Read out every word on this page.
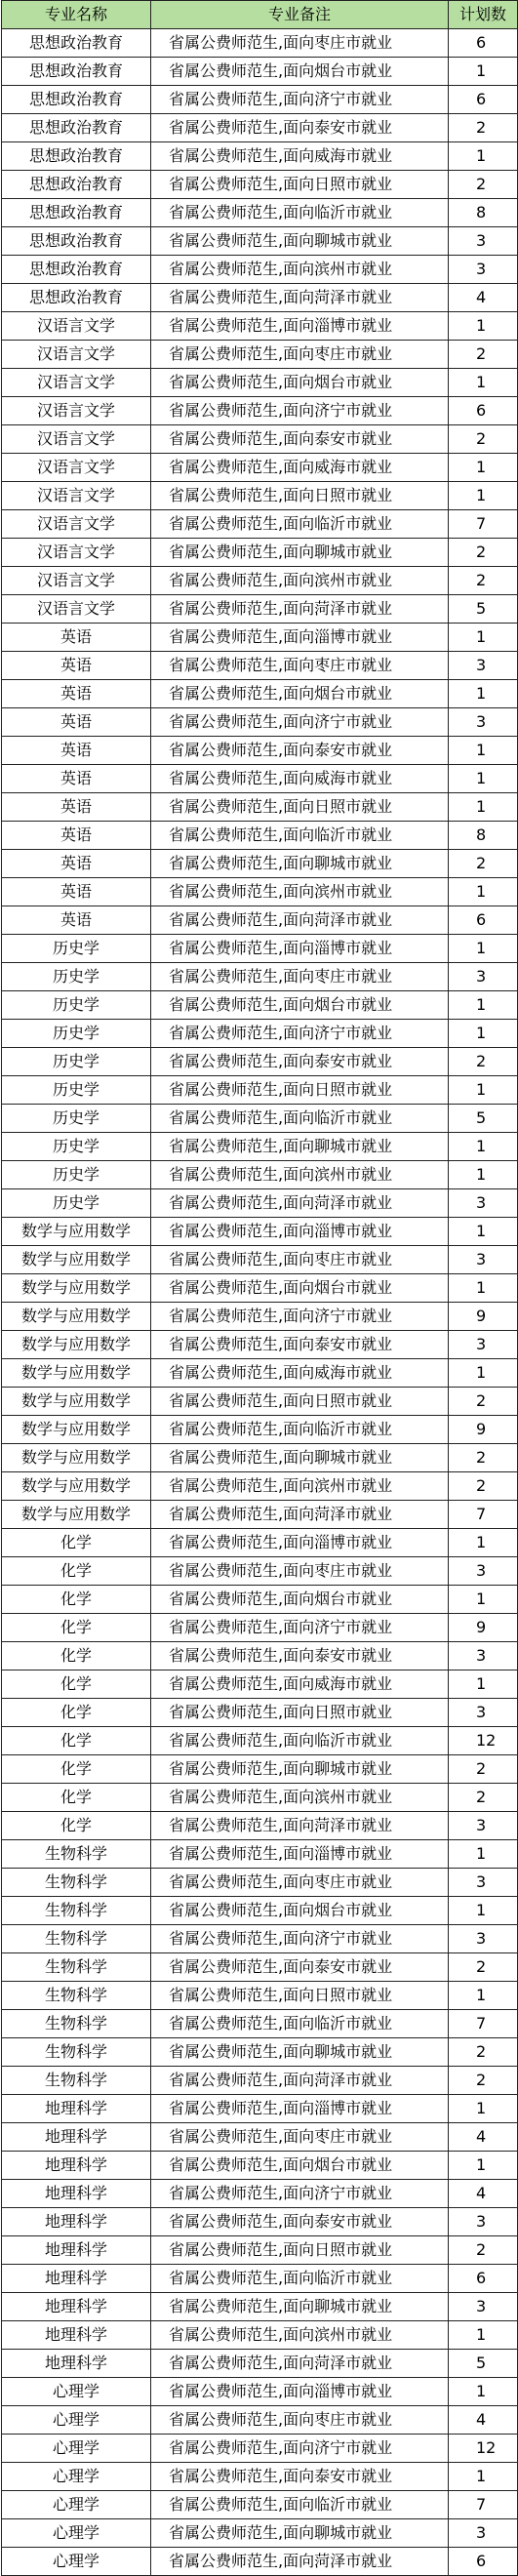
专业名称	专业备注	计划数
思想政治教育	省属公费师范生,面向枣庄市就业	6
思想政治教育	省属公费师范生,面向烟台市就业	1
思想政治教育	省属公费师范生,面向济宁市就业	6
思想政治教育	省属公费师范生,面向泰安市就业	2
思想政治教育	省属公费师范生,面向威海市就业	1
思想政治教育	省属公费师范生,面向日照市就业	2
思想政治教育	省属公费师范生,面向临沂市就业	8
思想政治教育	省属公费师范生,面向聊城市就业	3
思想政治教育	省属公费师范生,面向滨州市就业	3
思想政治教育	省属公费师范生,面向菏泽市就业	4
汉语言文学	省属公费师范生,面向淄博市就业	1
汉语言文学	省属公费师范生,面向枣庄市就业	2
汉语言文学	省属公费师范生,面向烟台市就业	1
汉语言文学	省属公费师范生,面向济宁市就业	6
汉语言文学	省属公费师范生,面向泰安市就业	2
汉语言文学	省属公费师范生,面向威海市就业	1
汉语言文学	省属公费师范生,面向日照市就业	1
汉语言文学	省属公费师范生,面向临沂市就业	7
汉语言文学	省属公费师范生,面向聊城市就业	2
汉语言文学	省属公费师范生,面向滨州市就业	2
汉语言文学	省属公费师范生,面向菏泽市就业	5
英语	省属公费师范生,面向淄博市就业	1
英语	省属公费师范生,面向枣庄市就业	3
英语	省属公费师范生,面向烟台市就业	1
英语	省属公费师范生,面向济宁市就业	3
英语	省属公费师范生,面向泰安市就业	1
英语	省属公费师范生,面向威海市就业	1
英语	省属公费师范生,面向日照市就业	1
英语	省属公费师范生,面向临沂市就业	8
英语	省属公费师范生,面向聊城市就业	2
英语	省属公费师范生,面向滨州市就业	1
英语	省属公费师范生,面向菏泽市就业	6
历史学	省属公费师范生,面向淄博市就业	1
历史学	省属公费师范生,面向枣庄市就业	3
历史学	省属公费师范生,面向烟台市就业	1
历史学	省属公费师范生,面向济宁市就业	1
历史学	省属公费师范生,面向泰安市就业	2
历史学	省属公费师范生,面向日照市就业	1
历史学	省属公费师范生,面向临沂市就业	5
历史学	省属公费师范生,面向聊城市就业	1
历史学	省属公费师范生,面向滨州市就业	1
历史学	省属公费师范生,面向菏泽市就业	3
数学与应用数学	省属公费师范生,面向淄博市就业	1
数学与应用数学	省属公费师范生,面向枣庄市就业	3
数学与应用数学	省属公费师范生,面向烟台市就业	1
数学与应用数学	省属公费师范生,面向济宁市就业	9
数学与应用数学	省属公费师范生,面向泰安市就业	3
数学与应用数学	省属公费师范生,面向威海市就业	1
数学与应用数学	省属公费师范生,面向日照市就业	2
数学与应用数学	省属公费师范生,面向临沂市就业	9
数学与应用数学	省属公费师范生,面向聊城市就业	2
数学与应用数学	省属公费师范生,面向滨州市就业	2
数学与应用数学	省属公费师范生,面向菏泽市就业	7
化学	省属公费师范生,面向淄博市就业	1
化学	省属公费师范生,面向枣庄市就业	3
化学	省属公费师范生,面向烟台市就业	1
化学	省属公费师范生,面向济宁市就业	9
化学	省属公费师范生,面向泰安市就业	3
化学	省属公费师范生,面向威海市就业	1
化学	省属公费师范生,面向日照市就业	3
化学	省属公费师范生,面向临沂市就业	12
化学	省属公费师范生,面向聊城市就业	2
化学	省属公费师范生,面向滨州市就业	2
化学	省属公费师范生,面向菏泽市就业	3
生物科学	省属公费师范生,面向淄博市就业	1
生物科学	省属公费师范生,面向枣庄市就业	3
生物科学	省属公费师范生,面向烟台市就业	1
生物科学	省属公费师范生,面向济宁市就业	3
生物科学	省属公费师范生,面向泰安市就业	2
生物科学	省属公费师范生,面向日照市就业	1
生物科学	省属公费师范生,面向临沂市就业	7
生物科学	省属公费师范生,面向聊城市就业	2
生物科学	省属公费师范生,面向菏泽市就业	2
地理科学	省属公费师范生,面向淄博市就业	1
地理科学	省属公费师范生,面向枣庄市就业	4
地理科学	省属公费师范生,面向烟台市就业	1
地理科学	省属公费师范生,面向济宁市就业	4
地理科学	省属公费师范生,面向泰安市就业	3
地理科学	省属公费师范生,面向日照市就业	2
地理科学	省属公费师范生,面向临沂市就业	6
地理科学	省属公费师范生,面向聊城市就业	3
地理科学	省属公费师范生,面向滨州市就业	1
地理科学	省属公费师范生,面向菏泽市就业	5
心理学	省属公费师范生,面向淄博市就业	1
心理学	省属公费师范生,面向枣庄市就业	4
心理学	省属公费师范生,面向济宁市就业	12
心理学	省属公费师范生,面向泰安市就业	1
心理学	省属公费师范生,面向临沂市就业	7
心理学	省属公费师范生,面向聊城市就业	3
心理学	省属公费师范生,面向菏泽市就业	6
